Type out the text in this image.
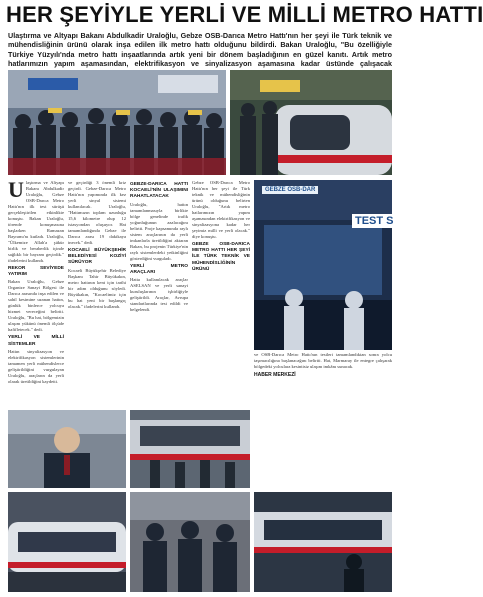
HER ŞEYİYLE YERLİ VE MİLLİ METRO HATTI
Ulaştırma ve Altyapı Bakanı Abdulkadir Uraloğlu, Gebze OSB-Darıca Metro Hattı'nın her şeyi ile Türk teknik ve mühendisliğinin ürünü olarak inşa edilen ilk metro hattı olduğunu bildirdi. Bakan Uraloğlu, "Bu özelliğiyle Türkiye Yüzyılı'nda metro hattı inşaatlarında artık yeni bir dönem başladığının en güzel kanıtı. Artık metro hatlarımızın yapım aşamasından, elektrifikasyon ve sinyalizasyon aşamasına kadar üstünde çalışacak
U laştırma ve Altyapı Bakanı Abdulkadir Uraloğlu, Gebze OSB-Darıca Metro Hattı'nın ilk test sürüşü gerçekleştirilen etkinlikte konuştu. Bakan Uraloğlu, törende konuşmasına başlarken Ramazan Bayramı'nı kutladı. Uraloğlu, "Ülkemize Allah'a şükür birlik ve beraberlik içinde sağlıklı bir bayram geçirdik." ifadelerini kullandı.

REKOR SEVİYEDE YATIRIM

Bakan Uraloğlu, Gebze Organize Sanayi Bölgesi ile Darıca arasında inşa edilen ve sahil kesimine uzanan hattın, günlük binlerce yolcuya hizmet vereceğini belirtti. Uraloğlu, "Bu hat, bölgemizin ulaşım yükünü önemli ölçüde hafifletecek." dedi.

YERLİ VE MİLLİ SİSTEMLER

Hattın sinyalizasyon ve elektrifikasyon sistemlerinin tamamen yerli mühendislerce geliştirildiğini vurgulayan Uraloğlu, araçların da yerli olarak üretildiğini kaydetti.

ve geçirdiği 3 önemli kriz geçirdi. Gebze-Darıca Metro Hattı'nın yapımında ilk kez yerli sinyal sistemi kullanılacak. Uraloğlu, "Hattımızın toplam uzunluğu 15,6 kilometre olup 12 istasyondan oluşuyor. Hat tamamlandığında Gebze ile Darıca arası 19 dakikaya inecek." dedi.

KOCAELİ BÜYÜKŞEHİR BELEDİYESİ KOZİYİ SÜRÜYOR

Kocaeli Büyükşehir Belediye Başkanı Tahir Büyükakın, metro hattının kent için tarihi bir adım olduğunu söyledi. Büyükakın, "Kocaelimiz için bu hat yeni bir başlangıç olacak." ifadelerini kullandı.

GEBZE-DARICA HATTI KOCAELİ'NİN ULAŞIMINI RAHATLATACAK

Uraloğlu, hattın tamamlanmasıyla birlikte bölge genelinde trafik yoğunluğunun azalacağını belirtti. Proje kapsamında raylı sistem araçlarının da yerli imkanlarla üretildiğini aktaran Bakan, bu projenin Türkiye'nin raylı sistemlerdeki yetkinliğini gösterdiğini vurguladı.

YERLİ METRO ARAÇLARI

Hatta kullanılacak araçlar ASELSAN ve yerli sanayi kuruluşlarının işbirliğiyle geliştirildi. Araçlar, Avrupa standartlarında test edildi ve belgelendi.

Gebze OSB-Darıca Metro Hattı'nın her şeyi ile Türk teknik ve mühendisliğinin ürünü olduğunu belirten Uraloğlu, "Artık metro hatlarımızın yapım aşamasından elektrifikasyon ve sinyalizasyona kadar her şeyimiz milli ve yerli olacak." diye konuştu.

GEBZE OSB-DARICA METRO HATTI HER ŞEYİ İLE TÜRK TEKNİK VE MÜHENDİSLİĞİNİN ÜRÜNÜ
GEBZE OSB-DAR
TEST S

ve OSB-Darıca Metro Hattı'nın testleri tamamlandıktan sonra yolcu taşımacılığına başlanacağını belirtti. Hat, Marmaray ile entegre çalışarak bölgedeki yolculara kesintisiz ulaşım imkânı sunacak.

HABER MERKEZİ
